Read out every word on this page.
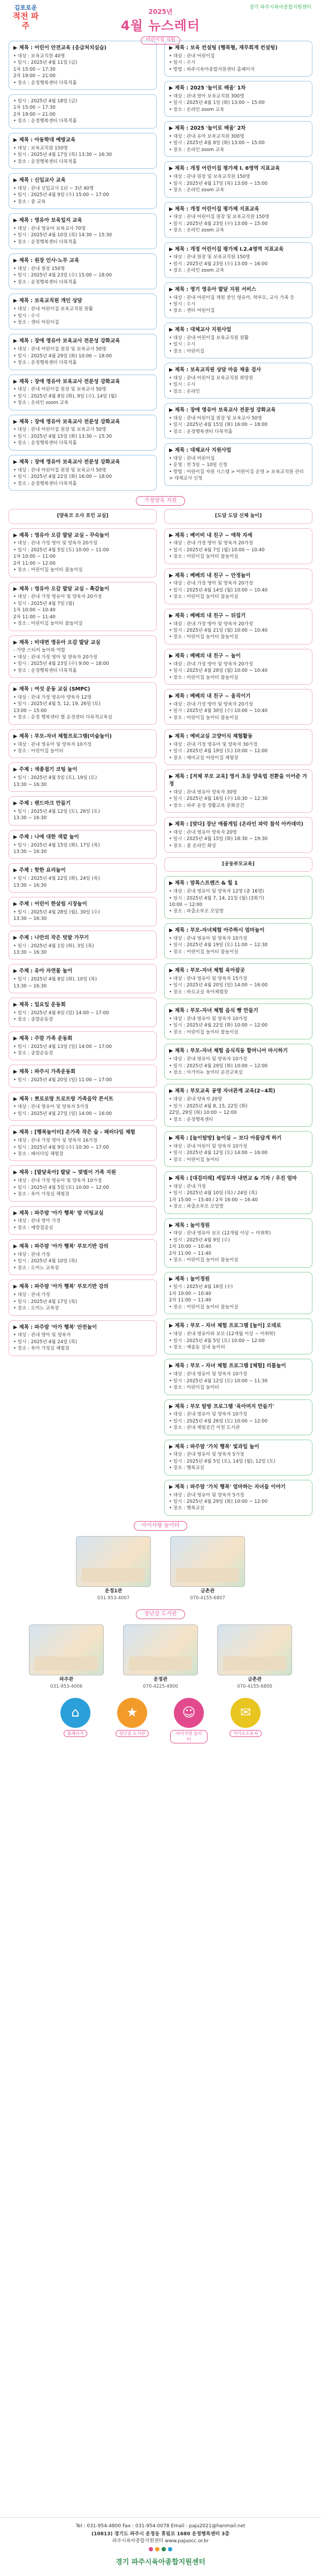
김포로운
적전 파주
경기 파주시육아종합지원센터
2025년
4월 뉴스레터
어린이집 지원
▶ 제목 : 어린이 안전교육 (응급처치실습)
• 대상 : 보육교직원 40명
• 일시 : 2025년 4월 11일 (금)
1차 15:00 ~ 17:30
2차 19:00 ~ 21:00
• 장소 : 운정행복센터 다목적홀
• 일시 : 2025년 4월 18일 (금)
1차 15:00 ~ 17:30
2차 19:00 ~ 21:00
• 장소 : 운정행복센터 다목적홀
▶ 제목 : 아동학대 예방교육
• 대상 : 보육교직원 150명
• 일시 : 2025년 4월 17일 (목) 13:30 ~ 16:30
• 장소 : 운정행복센터 다목적홀
▶ 제목 : 신입교사 교육
• 대상 : 관내 신입교사 1년 ~ 3년 40명
• 일시 : 2025년 4월 9일 (수) 15:00 ~ 17:00
• 장소 : 줌 교육
▶ 제목 : 영유아 보육일지 교육
• 대상 : 관내 영유아 보육교사 70명
• 일시 : 2025년 4월 10일 (목) 14:30 ~ 15:30
• 장소 : 운정행복센터 다목적홀
▶ 제목 : 원장 인사·노무 교육
• 대상 : 관내 원장 150명
• 일시 : 2025년 4월 23일 (수) 15:00 ~ 18:00
• 장소 : 운정행복센터 다목적홀
▶ 제목 : 보육교직원 개인 상담
• 대상 : 관내 어린이집 보육교직원 원활
• 일시 : 수시
• 장소 : 센터 어린이집
▶ 제목 : 장애 영유아 보육교사 전문성 강화교육
• 대상 : 관내 어린이집 원장 및 보육교사 50명
• 일시 : 2025년 4월 29일 (화) 10:00 ~ 18:00
• 장소 : 운정행복센터 다목적홀
▶ 제목 : 장애 영유아 보육교사 전문성 강화교육
• 대상 : 관내 어린이집 원장 및 보육교사 50명
• 일시 : 2025년 4월 8일 (화), 9일 (수), 14일 (월)
• 장소 : 온라인 zoom 교육
▶ 제목 : 장애 영유아 보육교사 전문성 강화교육
• 대상 : 관내 어린이집 원장 및 보육교사 50명
• 일시 : 2025년 4월 15일 (화) 13:30 ~ 15:30
• 장소 : 운정행복센터 다목적홀
▶ 제목 : 장애 영유아 보육교사 전문성 강화교육
• 대상 : 관내 어린이집 원장 및 보육교사 50명
• 일시 : 2025년 4월 22일 (화) 16:00 ~ 18:00
• 장소 : 운정행복센터 다목적홀
▶ 제목 : 보육 컨설팅 (행복형, 재무회계 컨설팅)
• 대상 : 관내 어린이집
• 일시 : 수시
• 방법 : 파주시육아종합지원센터 홈페이지
▶ 제목 : 2025 '놀이로 배움' 1차
• 대상 : 관내 영아 보육교직원 300명
• 일시 : 2025년 4월 1일 (화) 13:00 ~ 15:00
• 장소 : 온라인 zoom 교육
▶ 제목 : 2025 '놀이로 배움' 2차
• 대상 : 관내 유아 보육교직원 300명
• 일시 : 2025년 4월 8일 (화) 13:00 ~ 15:00
• 장소 : 온라인 zoom 교육
▶ 제목 : 개정 어린이집 평가제 I. 6영역 지표교육
• 대상 : 관내 원장 및 보육교직원 150명
• 일시 : 2025년 4월 17일 (목) 13:00 ~ 15:00
• 장소 : 온라인 zoom 교육
▶ 제목 : 개정 어린이집 평가제 지표교육
• 대상 : 관내 어린이집 원장 및 보육교직원 150명
• 일시 : 2025년 4월 23일 (수) 13:00 ~ 15:00
• 장소 : 온라인 zoom 교육
▶ 제목 : 개정 어린이집 평가제 I.2.4영역 지표교육
• 대상 : 관내 원장 및 보육교직원 150명
• 일시 : 2025년 4월 23일 (수) 13:00 ~ 16:00
• 장소 : 온라인 zoom 교육
▶ 제목 : 영기 영유아 발달 지원 서비스
• 대상 : 관내 어린이집 재원 중인 영유아, 학부모, 교사 가족 등
• 일시 : 수시
• 장소 : 센터 어린이집
▶ 제목 : 대체교사 지원사업
• 대상 : 관내 어린이집 보육교직원 원활
• 일시 : 수시
• 장소 : 어린이집
▶ 제목 : 보육교직원 상담 마음 채움 검사
• 대상 : 관내 어린이집 보육교직원 희망원
• 일시 : 수시
• 장소 : 온라인
▶ 제목 : 장애 영유아 보육교사 전문성 강화교육
• 대상 : 관내 어린이집 원장 및 보육교사 50명
• 일시 : 2025년 4월 15일 (화) 16:00 ~ 18:00
• 장소 : 운정행복센터 다목적홀
▶ 제목 : 대체교사 지원사업
• 대상 : 관내 어린이집
• 운영 : 연 5일 ~ 10일 신청
• 방법 : 어린이집 자원 시스템 > 어린이집 운영 > 보육교직원 관리 > 대체교사 신청
가정양육 지원
[양육코 오사 포인 교실]
▶ 제목 : 영유아 오감 발달 교실 - 꾸숙놀이
• 대상 : 관내 가정 영아 및 양육자 20가정
• 일시 : 2025년 4월 5일 (토) 10:00 ~ 11:00
1차 10:00 ~ 11:00
2차 11:00 ~ 12:00
• 장소 : 어린이집 놀이터 물놀이실
▶ 제목 : 영유아 오감 발달 교실 - 촉감놀이
• 대상 : 관내 가정 영유아 및 양육자 20가정
• 일시 : 2025년 4월 7일 (월)
1차 10:00 ~ 10:40
2차 11:00 ~ 11:40
• 장소 : 어린이집 놀이터 물놀이실
▶ 제목 : 비대면 영유아 오감 발달 교실
- 가방 스티커 놀이와 역할
• 대상 : 관내 가정 영아 및 양육자 20가정
• 일시 : 2025년 4월 23일 (수) 9:00 ~ 18:00
• 장소 : 운정행복센터 다목적홀
▶ 제목 : 여섯 운동 교실 (SMPC)
• 대상 : 관내 가정 영유아 양육자 12명
• 일시 : 2025년 4월 5, 12, 19, 26일 (토)
13:00 ~ 15:00
• 장소 : 운정 행복센터 헬 운정센터 다목적교육실
▶ 제목 : 부모-자녀 체험프로그램(미술놀이)
• 대상 : 관내 영유아 및 양육자 10가정
• 장소 : 어린이집 놀이터
▶ 주제 : 색종접기 코팅 놀이
• 일시 : 2025년 4월 5일 (토), 19일 (토)
13:30 ~ 16:30
▶ 주제 : 랜드마크 만들기
• 일시 : 2025년 4월 12일 (토), 26일 (토)
13:30 ~ 16:30
▶ 주제 : 나에 대한 색깔 놀이
• 일시 : 2025년 4월 15일 (화), 17일 (목)
13:30 ~ 16:30
▶ 주제 : 핫한 요리놀이
• 일시 : 2025년 4월 22일 (화), 24일 (목)
13:30 ~ 16:30
▶ 주제 : 어린이 한살림 시장놀이
• 일시 : 2025년 4월 28일 (월), 30일 (수)
13:30 ~ 16:30
▶ 주제 : 나만의 작은 텃밭 가꾸기
• 일시 : 2025년 4월 1일 (화), 3일 (목)
13:30 ~ 16:30
▶ 주제 : 유아 자연물 놀이
• 일시 : 2025년 4월 8일 (화), 10일 (목)
13:30 ~ 16:30
▶ 제목 : 일요일 운동회
• 일시 : 2025년 4월 6일 (일) 14:00 ~ 17:00
• 장소 : 종합운동장
▶ 제목 : 주말 가족 운동회
• 일시 : 2025년 4월 13일 (일) 14:00 ~ 17:00
• 장소 : 종합운동장
▶ 제목 : 파주시 가족운동회
• 일시 : 2025년 4월 20일 (일) 11:00 ~ 17:00
▶ 제목 : 뽀로로랑 트로트랑 가족음악 콘서트
• 대상 : 관내 영유아 및 양육자 5가정
• 일시 : 2025년 4월 27일 (일) 14:00 ~ 16:00
▶ 제목 : [행복놀이터] 온가족 작은 숲 - 패러다임 체험
• 대상 : 관내 가정 영아 및 양육자 16가정
• 일시 : 2025년 4월 9일 (수) 10:30 ~ 17:00
• 장소 : 패러다임 체험장
▶ 제목 : [발달육아] 발달 ~ 맞벌이 가족 지원
• 대상 : 관내 가정 영유아 및 양육자 10가정
• 일시 : 2025년 4월 5일 (토) 10:00 ~ 12:00
• 장소 : 육아 가정실 체험장
▶ 제목 : 파주맘 '아가 행복' 맘 미팅교실
• 대상 : 관내 영아 가정
• 장소 : 예방접종실
▶ 제목 : 파주맘 '아가 행복' 부모기반 강의
• 대상 : 관내 가정
• 일시 : 2025년 4월 10일 (목)
• 장소 : 도미노 교육장
▶ 제목 : 파주맘 '아가 행복' 부모기반 강의
• 대상 : 관내 가정
• 일시 : 2025년 4월 17일 (목)
• 장소 : 도미노 교육장
▶ 제목 : 파주맘 '아가 행복' 안전놀이
• 대상 : 관내 영아 및 양육자
• 일시 : 2025년 4월 24일 (목)
• 장소 : 육아 가정실 체험장
[도담 도담 신체 놀이]
▶ 제목 : 베이비 내 친구 ~ 애착 자세
• 대상 : 관내 가정 영아 및 양육자 20가정
• 일시 : 2025년 4월 7일 (월) 10:00 ~ 10:40
• 장소 : 어린이집 놀이터 물놀이실
▶ 제목 : 베베의 내 친구 ~ 안정놀이
• 대상 : 관내 가정 영아 및 양육자 20가정
• 일시 : 2025년 4월 14일 (월) 10:00 ~ 10:40
• 장소 : 어린이집 놀이터 물놀이실
▶ 제목 : 베베의 내 친구 ~ 뒤집기
• 대상 : 관내 가정 영아 및 양육자 20가정
• 일시 : 2025년 4월 21일 (월) 10:00 ~ 10:40
• 장소 : 어린이집 놀이터 물놀이실
▶ 제목 : 베베의 내 친구 ~ 놀이
• 대상 : 관내 가정 영아 및 양육자 20가정
• 일시 : 2025년 4월 28일 (월) 10:00 ~ 10:40
• 장소 : 어린이집 놀이터 물놀이실
▶ 제목 : 베베의 내 친구 ~ 움직이기
• 대상 : 관내 가정 영아 및 양육자 20가정
• 일시 : 2025년 4월 30일 (수) 10:00 ~ 10:40
• 장소 : 어린이집 놀이터 물놀이실
▶ 제목 : 예비교실 고양이식 체험활동
• 대상 : 관내 가정 영유아 및 양육자 30가정
• 일시 : 2025년 4월 19일 (토) 10:00 ~ 12:00
• 장소 : 예비교실 어린이집 체험장
▶ 제목 : [저체 부모 교육] 영서 초등 양육법 전환을 이어준 가정
• 대상 : 관내 영유아 양육자 30명
• 일시 : 2025년 4월 16일 (수) 10:30 ~ 12:30
• 장소 : 파주 운정 생활교육 문화공간
▶ 제목 : [맞다] 장난 애플게임 (온라인 파악 참석 아카데미)
• 대상 : 관내 영유아 양육자 20명
• 일시 : 2025년 4월 15일 (화) 18:30 ~ 19:30
• 장소 : 줌 온라인 화상
[공동부모교육]
▶ 제목 : 맘톡스프렌즈 & 힐 1
• 대상 : 관내 영유아 및 양육자 12명 (총 16명)
• 일시 : 2025년 4월 7, 14, 21일 (월) (3회기)
10:00 ~ 12:00
• 장소 : 파출소부모 모임방
▶ 제목 : 부모-자녀체험 아주하시 엄마놀이
• 대상 : 관내 영유아 및 양육자 10가정
• 일시 : 2025년 4월 19일 (토) 11:00 ~ 12:30
• 장소 : 어린이집 놀이터 물놀이실
▶ 제목 : 부모-자녀 체험 육아잡곳
• 대상 : 관내 영유아 및 양육자 15가정
• 일시 : 2025년 4월 20일 (일) 14:00 ~ 16:00
• 장소 : 바로교실 육아체험장
▶ 제목 : 부모-자녀 체험 음식 빵 만들기
• 대상 : 관내 영유아 및 양육자 10가정
• 일시 : 2025년 4월 22일 (화) 10:00 ~ 12:00
• 장소 : 어린이집 놀이터 물놀이실
▶ 제목 : 부모-자녀 체험 음식직동 할머니어 마시하기
• 대상 : 관내 영유아 및 양육자 10가정
• 일시 : 2025년 4월 29일 (화) 10:00 ~ 12:00
• 장소 : 아가비누 놀이터 운전교육실
▶ 제목 : 부모교육 공명 자녀관계 교육(2~4회)
• 대상 : 관내 양육자 20명
• 일시 : 2025년 4월 8, 15, 22일 (화)
22일, 29일 (화) 10:00 ~ 12:00
• 장소 : 운정행복센터
▶ 제목 : [놀이탐방] 놀이실 ~ 보다 아름답게 하기
• 대상 : 관내 어린이 및 양육자 10가정
• 일시 : 2025년 4월 12일 (토) 14:00 ~ 16:00
• 장소 : 어린이집 놀이터
▶ 제목 : [대검미래] 세밀부자 내면교 & 기차 / 우진 엄마
• 대상 : 관내 가정
• 일시 : 2025년 4월 10일 (목) / 24일 (목)
1차 15:00 ~ 15:40 / 2차 16:00 ~ 16:40
• 장소 : 파출소부모 모임방
▶ 제목 : 놀이정원
• 대상 : 관내 영유아 보모 (12개월 이상 ~ 미취학)
• 일시 : 2025년 4월 9일 (수)
1차 10:00 ~ 10:40
2차 11:00 ~ 11:40
• 장소 : 어린이집 놀이터 물놀이실
▶ 제목 : 놀이정원
• 일시 : 2025년 4월 16일 (수)
1차 10:00 ~ 10:40
2차 11:00 ~ 11:40
• 장소 : 어린이집 놀이터 물놀이실
▶ 제목 : 부모 - 자녀 체험 프로그램 [놀이] 오데로
• 대상 : 관내 영유아와 보모 (12개월 이상 ~ 미취학)
• 일시 : 2025년 4월 5일 (토) 10:00 ~ 12:00
• 장소 : 예술동 실내 놀이터
▶ 제목 : 부모 - 자녀 체험 프로그램 [체험] 리틀놀이
• 대상 : 관내 영유아 및 양육자 10가정
• 일시 : 2025년 4월 12일 (토) 10:00 ~ 11:30
• 장소 : 어린이집 놀이터
▶ 제목 : 부모 탐방 프로그램 '육아머지 만들기'
• 대상 : 관내 영유아 및 양육자 10가정
• 일시 : 2025년 4월 26일 (토) 10:00 ~ 12:00
• 장소 : 관내 체험공간 이천 도서관
▶ 제목 : 파주맘 '가치 행복' 빛과일 놀이
• 대상 : 관내 영유아 및 양육자 5가정
• 일시 : 2025년 4월 5일 (토), 14일 (월), 12일 (토)
• 장소 : 행복교실
▶ 제목 : 파주맘 '가치 행복' 엄마하는 자녀들 이야기
• 대상 : 관내 영유아 및 양육자 5가정
• 일시 : 2025년 4월 29일 (화) 10:00 ~ 12:00
• 장소 : 행복교실
아이사랑 놀이터
운정1관
031-953-4007
금촌관
070-4155-6807
장난감 도서관
파주관
031-953-4006
운정관
070-4225-4800
금촌관
070-4155-6800
⌂
홈페이지
★
장난감 도서관
☺
아이사랑 놀이터
✉
카카오소통처
Tel : 031-954-4800 Fax : 031-954-0078 Email : paju2021@hanmail.net
(10813) 경기도 파주시 운정동 휴림로 1680 운정행복센터 3층
파주시육아종합지원센터 www.pajuocc.or.kr
경기 파주시육아종합지원센터
